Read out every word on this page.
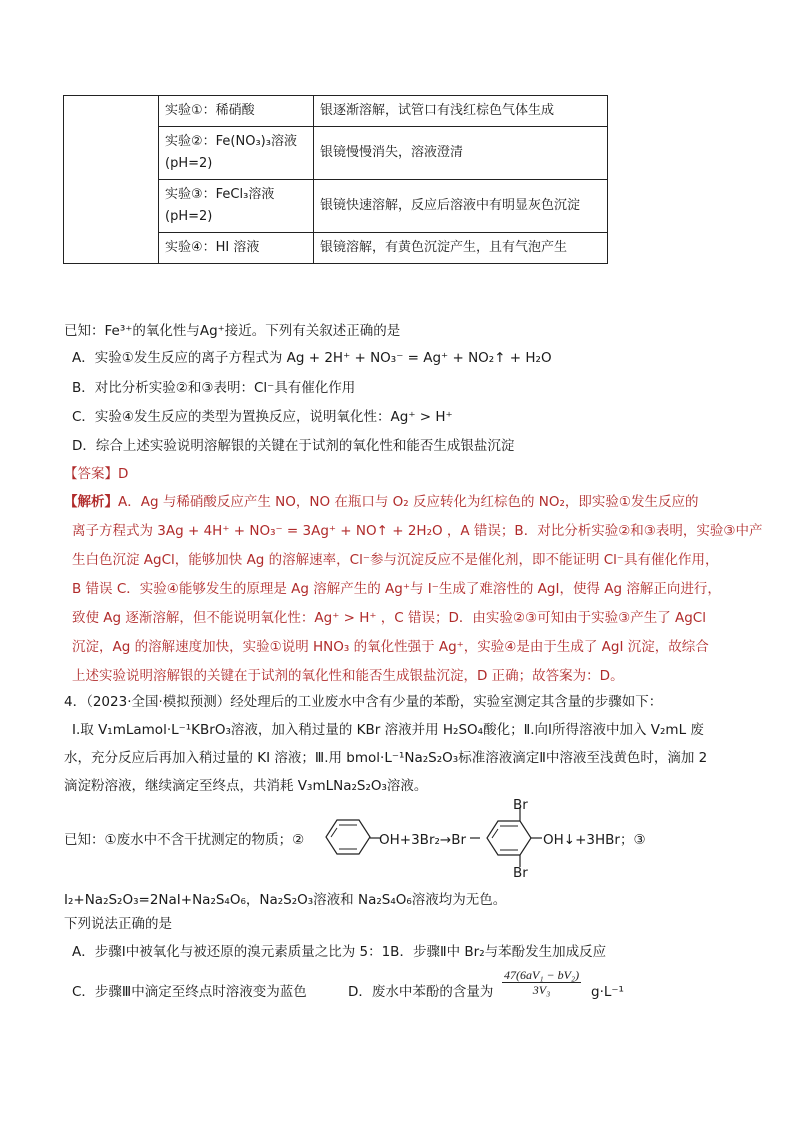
	实验①：稀硝酸	银逐渐溶解，试管口有浅红棕色气体生成
	实验②：Fe(NO₃)₃溶液 (pH=2)	银镜慢慢消失，溶液澄清
	实验③：FeCl₃溶液 (pH=2)	银镜快速溶解，反应后溶液中有明显灰色沉淀
	实验④：HI 溶液	银镜溶解，有黄色沉淀产生，且有气泡产生
已知：Fe³⁺的氧化性与Ag⁺接近。下列有关叙述正确的是
A．实验①发生反应的离子方程式为 Ag + 2H⁺ + NO₃⁻ = Ag⁺ + NO₂↑ + H₂O
B．对比分析实验②和③表明：Cl⁻具有催化作用
C．实验④发生反应的类型为置换反应，说明氧化性：Ag⁺ > H⁺
D．综合上述实验说明溶解银的关键在于试剂的氧化性和能否生成银盐沉淀
【答案】D
【解析】A．Ag 与稀硝酸反应产生 NO，NO 在瓶口与 O₂ 反应转化为红棕色的 NO₂，即实验①发生反应的
离子方程式为 3Ag + 4H⁺ + NO₃⁻ = 3Ag⁺ + NO↑ + 2H₂O ，A 错误；B．对比分析实验②和③表明，实验③中产
生白色沉淀 AgCl，能够加快 Ag 的溶解速率，Cl⁻参与沉淀反应不是催化剂，即不能证明 Cl⁻具有催化作用，
B 错误 C．实验④能够发生的原理是 Ag 溶解产生的 Ag⁺与 I⁻生成了难溶性的 AgI，使得 Ag 溶解正向进行，
致使 Ag 逐渐溶解，但不能说明氧化性：Ag⁺ > H⁺ ，C 错误；D．由实验②③可知由于实验③产生了 AgCl
沉淀，Ag 的溶解速度加快，实验①说明 HNO₃ 的氧化性强于 Ag⁺，实验④是由于生成了 AgI 沉淀，故综合
上述实验说明溶解银的关键在于试剂的氧化性和能否生成银盐沉淀，D 正确；故答案为：D。
4．（2023·全国·模拟预测）经处理后的工业废水中含有少量的苯酚，实验室测定其含量的步骤如下：
Ⅰ.取 V₁mLamol·L⁻¹KBrO₃溶液，加入稍过量的 KBr 溶液并用 H₂SO₄酸化；Ⅱ.向Ⅰ所得溶液中加入 V₂mL 废
水，充分反应后再加入稍过量的 KI 溶液；Ⅲ.用 bmol·L⁻¹Na₂S₂O₃标准溶液滴定Ⅱ中溶液至浅黄色时，滴加 2
滴淀粉溶液，继续滴定至终点，共消耗 V₃mLNa₂S₂O₃溶液。
已知：①废水中不含干扰测定的物质；②	OH+3Br₂→Br
Br
Br
OH↓+3HBr；③
I₂+Na₂S₂O₃=2NaI+Na₂S₄O₆，Na₂S₂O₃溶液和 Na₂S₄O₆溶液均为无色。
下列说法正确的是
A．步骤Ⅰ中被氧化与被还原的溴元素质量之比为 5：1B．步骤Ⅱ中 Br₂与苯酚发生加成反应
C．步骤Ⅲ中滴定至终点时溶液变为蓝色	D．废水中苯酚的含量为 $\frac{\text{47(6aV₁ − bV₂)}}{\text{3V₃}} g\cdot L^{-1}$
